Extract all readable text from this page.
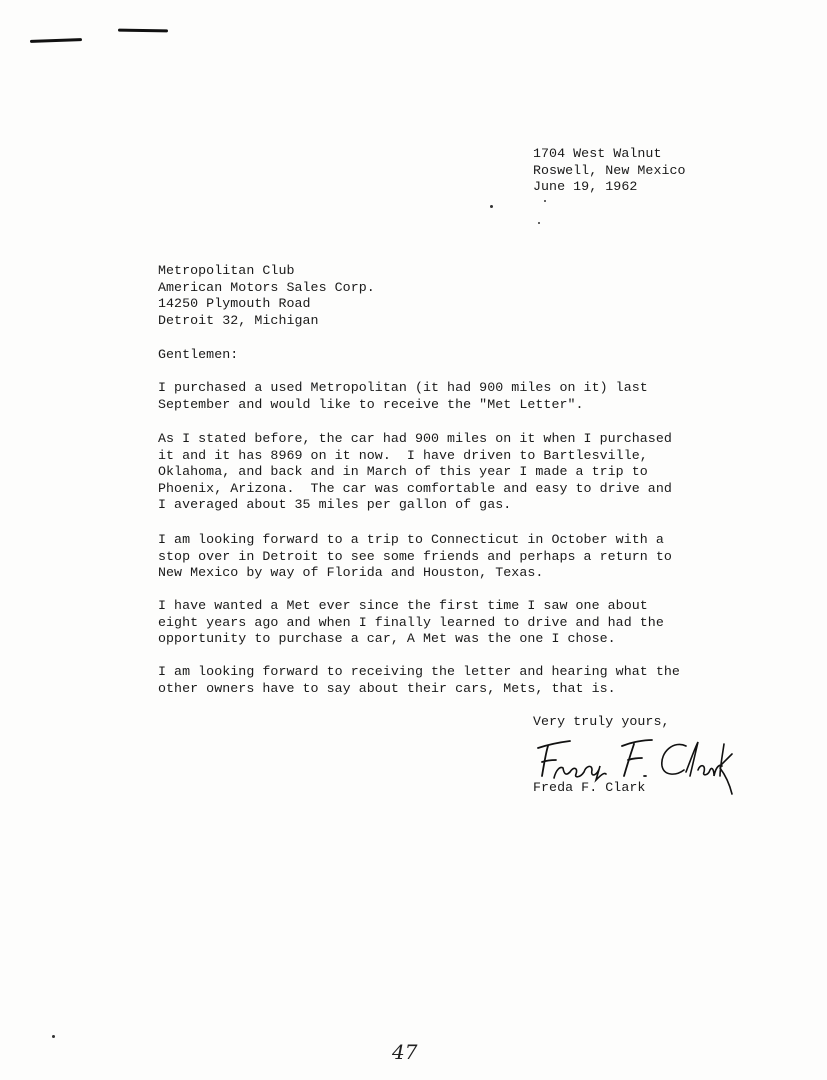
1704 West Walnut
Roswell, New Mexico
June 19, 1962
Metropolitan Club
American Motors Sales Corp.
14250 Plymouth Road
Detroit 32, Michigan
Gentlemen:
I purchased a used Metropolitan (it had 900 miles on it) last
September and would like to receive the "Met Letter".
As I stated before, the car had 900 miles on it when I purchased
it and it has 8969 on it now.  I have driven to Bartlesville,
Oklahoma, and back and in March of this year I made a trip to
Phoenix, Arizona.  The car was comfortable and easy to drive and
I averaged about 35 miles per gallon of gas.
I am looking forward to a trip to Connecticut in October with a
stop over in Detroit to see some friends and perhaps a return to
New Mexico by way of Florida and Houston, Texas.
I have wanted a Met ever since the first time I saw one about
eight years ago and when I finally learned to drive and had the
opportunity to purchase a car, A Met was the one I chose.
I am looking forward to receiving the letter and hearing what the
other owners have to say about their cars, Mets, that is.
Very truly yours,
Freda F. Clark
47
